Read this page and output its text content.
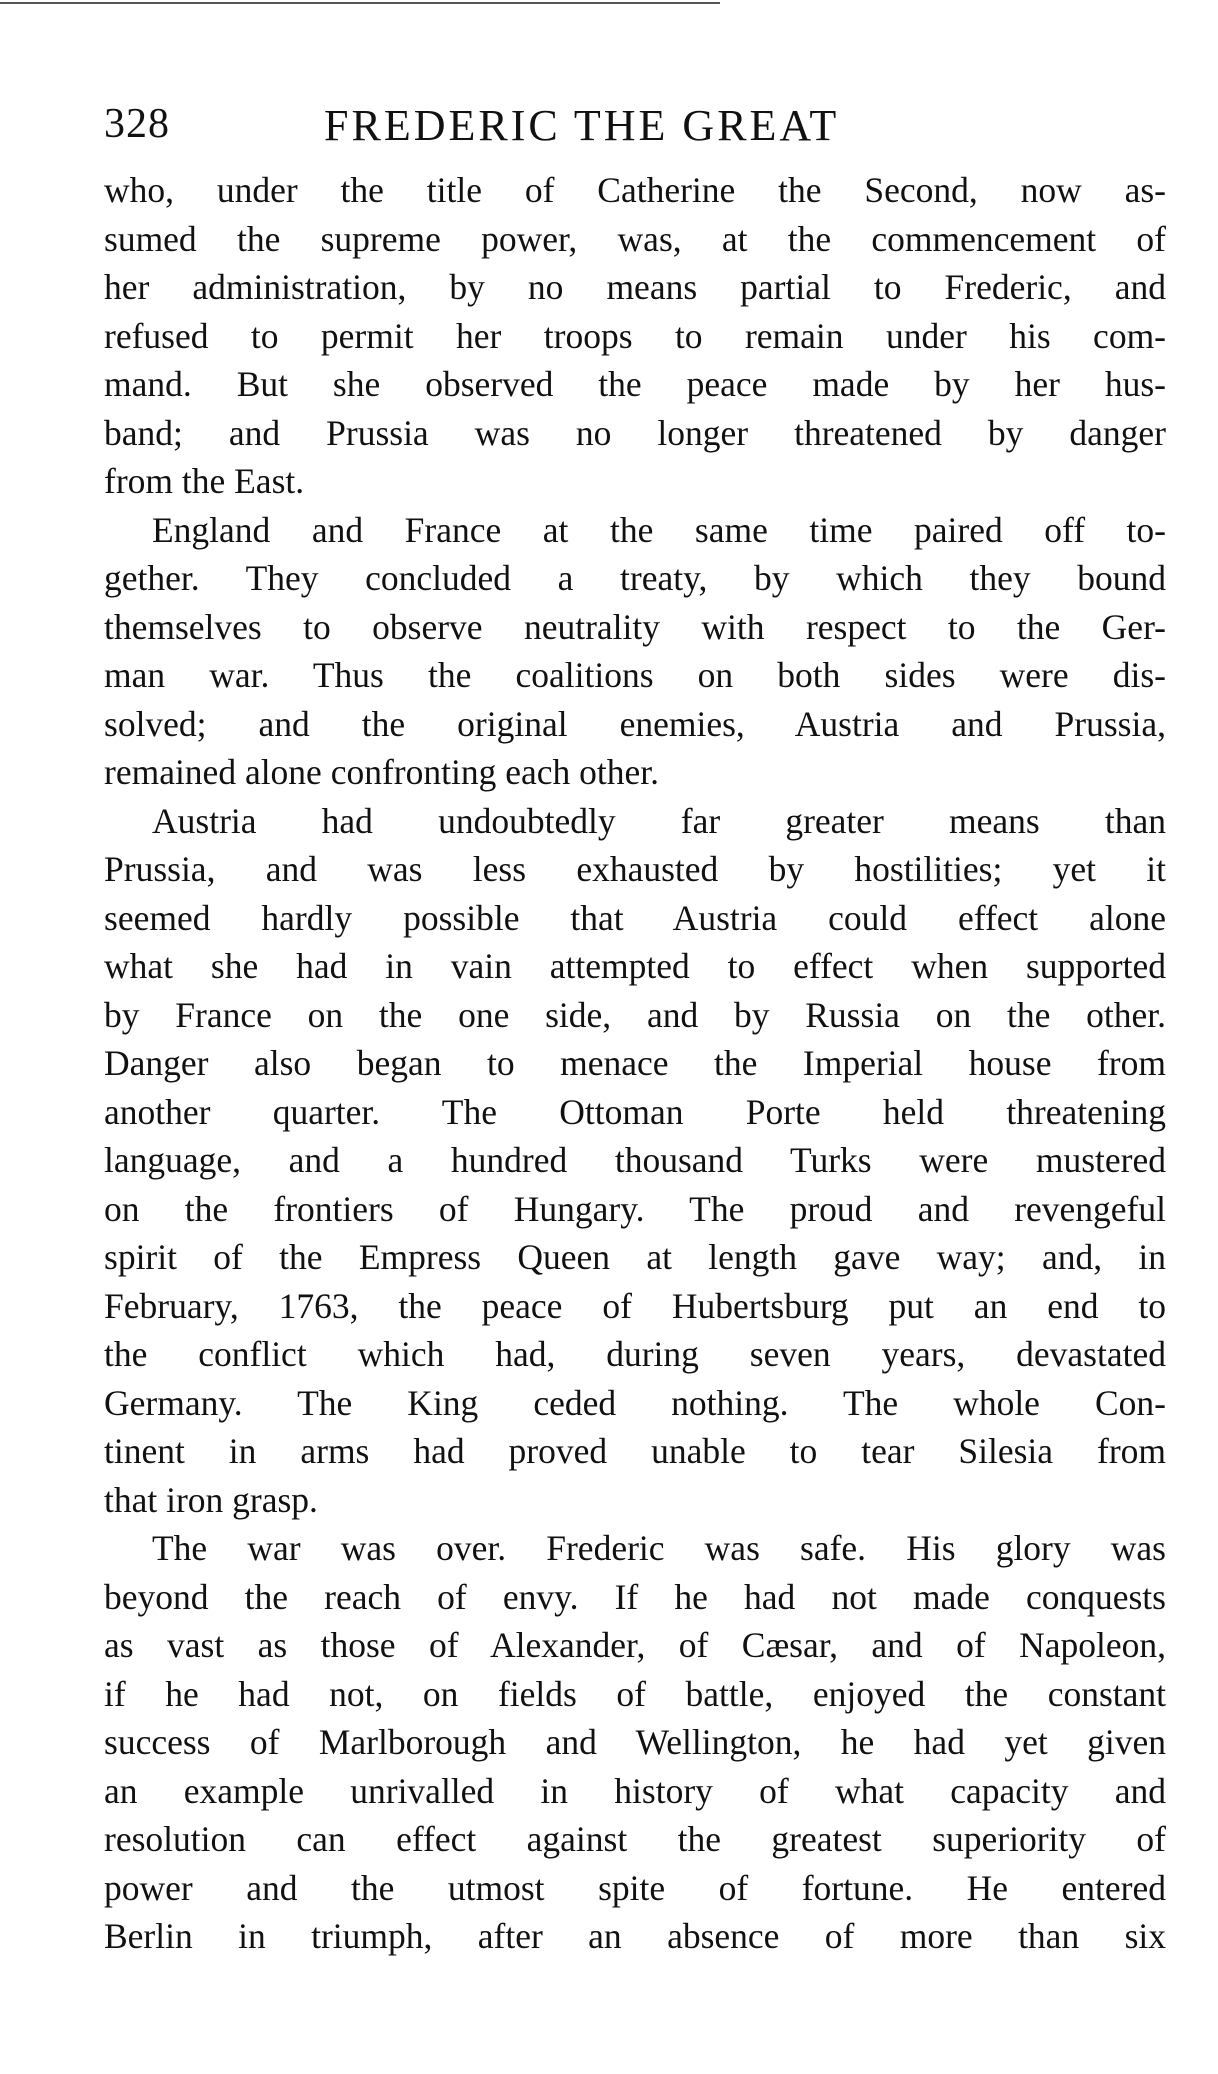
328	FREDERIC THE GREAT

who, under the title of Catherine the Second, now as-
sumed the supreme power, was, at the commencement of
her administration, by no means partial to Frederic, and
refused to permit her troops to remain under his com-
mand. But she observed the peace made by her hus-
band; and Prussia was no longer threatened by danger
from the East.

England and France at the same time paired off to-
gether. They concluded a treaty, by which they bound
themselves to observe neutrality with respect to the Ger-
man war. Thus the coalitions on both sides were dis-
solved; and the original enemies, Austria and Prussia,
remained alone confronting each other.

Austria had undoubtedly far greater means than
Prussia, and was less exhausted by hostilities; yet it
seemed hardly possible that Austria could effect alone
what she had in vain attempted to effect when supported
by France on the one side, and by Russia on the other.
Danger also began to menace the Imperial house from
another quarter. The Ottoman Porte held threatening
language, and a hundred thousand Turks were mustered
on the frontiers of Hungary. The proud and revengeful
spirit of the Empress Queen at length gave way; and, in
February, 1763, the peace of Hubertsburg put an end to
the conflict which had, during seven years, devastated
Germany. The King ceded nothing. The whole Con-
tinent in arms had proved unable to tear Silesia from
that iron grasp.

The war was over. Frederic was safe. His glory was
beyond the reach of envy. If he had not made conquests
as vast as those of Alexander, of Cæsar, and of Napoleon,
if he had not, on fields of battle, enjoyed the constant
success of Marlborough and Wellington, he had yet given
an example unrivalled in history of what capacity and
resolution can effect against the greatest superiority of
power and the utmost spite of fortune. He entered
Berlin in triumph, after an absence of more than six
